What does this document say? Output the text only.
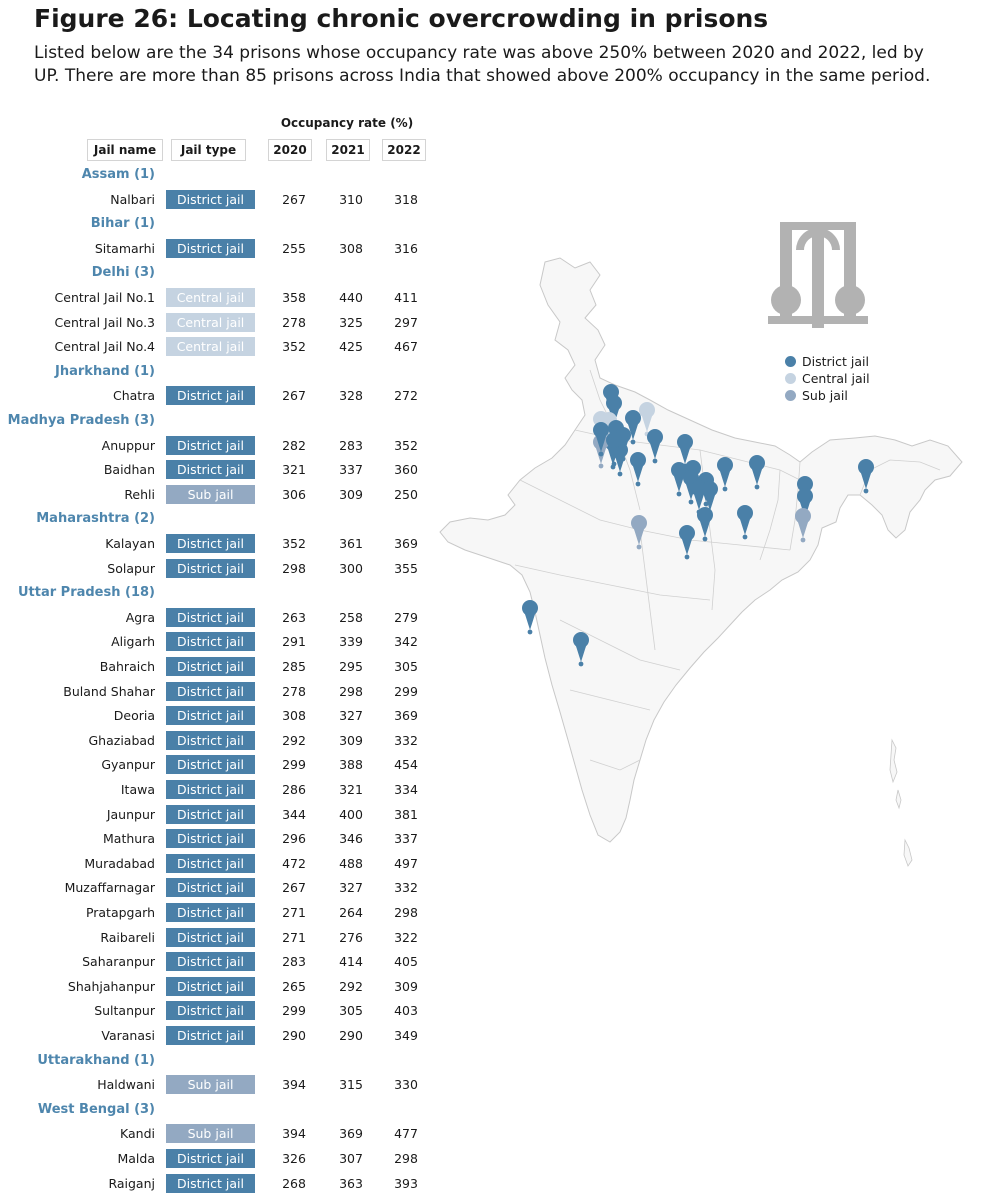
Figure 26: Locating chronic overcrowding in prisons
Listed below are the 34 prisons whose occupancy rate was above 250% between 2020 and 2022, led by
UP. There are more than 85 prisons across India that showed above 200% occupancy in the same period.
Occupancy rate (%)
Jail name	Jail type	2020	2021	2022
Assam (1)
Nalbari	District jail	267	310	318
Bihar (1)
Sitamarhi	District jail	255	308	316
Delhi (3)
Central Jail No.1	Central jail	358	440	411
Central Jail No.3	Central jail	278	325	297
Central Jail No.4	Central jail	352	425	467
Jharkhand (1)
Chatra	District jail	267	328	272
Madhya Pradesh (3)
Anuppur	District jail	282	283	352
Baidhan	District jail	321	337	360
Rehli	Sub jail	306	309	250
Maharashtra (2)
Kalayan	District jail	352	361	369
Solapur	District jail	298	300	355
Uttar Pradesh (18)
Agra	District jail	263	258	279
Aligarh	District jail	291	339	342
Bahraich	District jail	285	295	305
Buland Shahar	District jail	278	298	299
Deoria	District jail	308	327	369
Ghaziabad	District jail	292	309	332
Gyanpur	District jail	299	388	454
Itawa	District jail	286	321	334
Jaunpur	District jail	344	400	381
Mathura	District jail	296	346	337
Muradabad	District jail	472	488	497
Muzaffarnagar	District jail	267	327	332
Pratapgarh	District jail	271	264	298
Raibareli	District jail	271	276	322
Saharanpur	District jail	283	414	405
Shahjahanpur	District jail	265	292	309
Sultanpur	District jail	299	305	403
Varanasi	District jail	290	290	349
Uttarakhand (1)
Haldwani	Sub jail	394	315	330
West Bengal (3)
Kandi	Sub jail	394	369	477
Malda	District jail	326	307	298
Raiganj	District jail	268	363	393
District jail
Central jail
Sub jail
